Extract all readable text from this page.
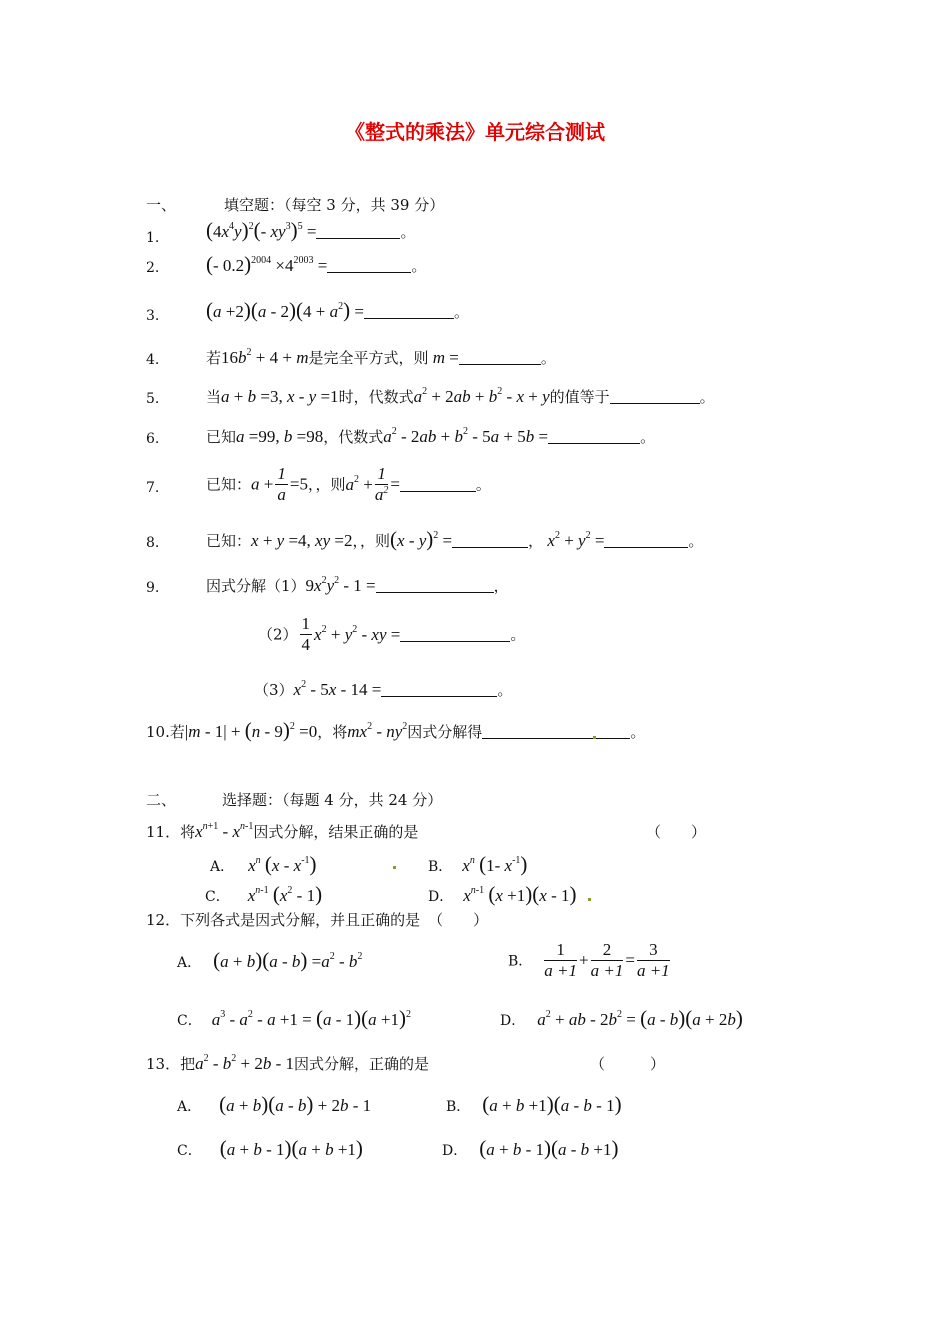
《整式的乘法》单元综合测试
一、	填空题：（每空 3 分，共 39 分）
1. $(4x^4y)^2(-$ $xy^3)^5$ =	。
2. (- $0.2)^{2004} \times 4^{2003}$ =	。
3. $(a +2)(a - 2)(4 + a^2)$ =	。
4.	若$16b^2 + 4 + m$是完全平方式，则 m =	。
5.	当a + b =3, x - y =1时，代数式$a^2 + 2ab + b^2 - x + y$的值等于	。
6.	已知a =99, b =98，代数式$a^2 - 2ab + b^2 - 5a + 5b$ =	。
7.	已知：$a + \frac{1}{a} =5$，，则$a^2 + \frac{1}{a^2}$ =	。
8.	已知：x + y =4, xy =2，，则(x - y)$^2$ =	， $x^2 + y^2$ =	。
9.	因式分解$(1)9x^2y^2 - 1$ =	，
$(2) \frac{1}{4} x^2 + y^2$ - xy =	。
$(3)x^2 - 5x - 14$ =	。
10.若|m - 1| + (n - 9)$^2$ =0，将$mx^2 - ny^2$因式分解得	。
二、	选择题：（每题 4 分，共 24 分）
11．将$x^{n+1} - x^{n-1}$因式分解，结果正确的是	（　　）
A． $x^n$ $(x - x^{-1})$	B． $x^n$ (1- $x^{-1}$)
C． $x^{n-1}$ $(x^2 - 1)$	D． $x^{n-1}$ (x +1)(x - 1)
12．下列各式是因式分解，并且正确的是 （　　）
A． $(a + b)(a - b) =a^2 - b^2$	B． $\frac{1}{a +1} + \frac{2}{a +1} = \frac{3}{a +1}$
C． $a^3 - a^2 - a +1 = (a - 1)(a +1)^2$	D． $a^2$ + ab - $2b^2 = (a - b)(a + 2b)$
13．把$a^2 - b^2 + 2b - 1$因式分解，正确的是	（　　　）
A． (a + b)(a - b) + 2b - 1	B． (a + b +1)(a - b - 1)
C． (a + b - 1)(a + b +1)	D． (a + b - 1)(a - b +1)
